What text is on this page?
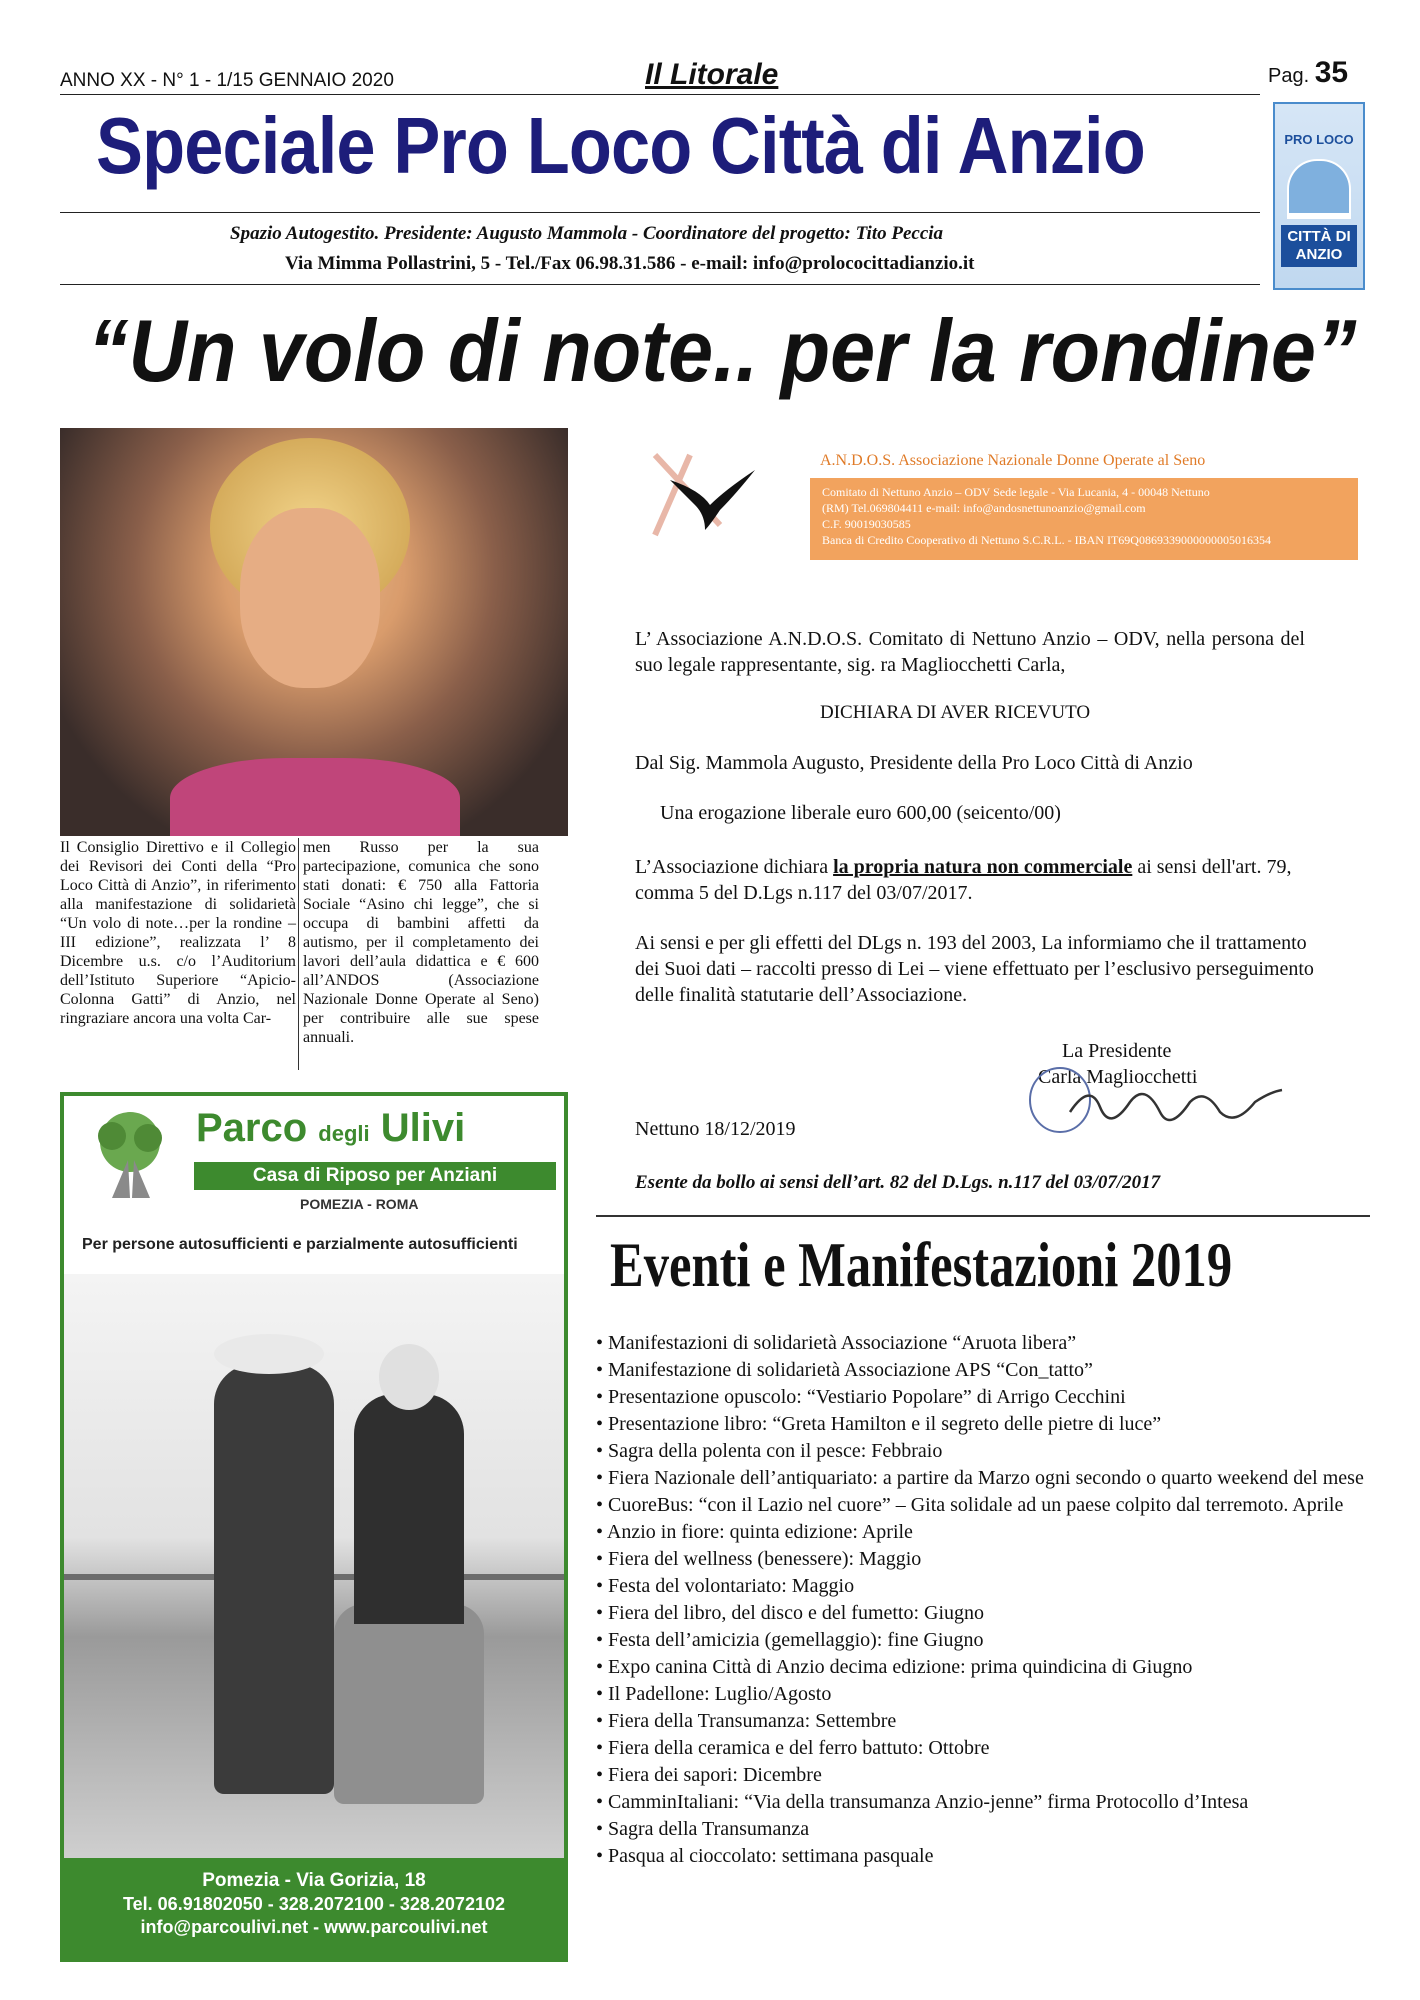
ANNO XX - N° 1 - 1/15 GENNAIO 2020	Il Litorale	Pag. 35
Speciale Pro Loco Città di Anzio
Spazio Autogestito. Presidente: Augusto Mammola - Coordinatore del progetto: Tito Peccia
Via Mimma Pollastrini, 5 - Tel./Fax 06.98.31.586 - e-mail: info@prolococittadianzio.it
PRO LOCO
CITTÀ DI ANZIO
“Un volo di note.. per la rondine”
Il Consiglio Direttivo e il Collegio dei Revisori dei Conti della “Pro Loco Città di Anzio”, in riferimento alla manifestazione di solidarietà “Un volo di note…per la rondine – III edizione”, realizzata l’ 8 Dicembre u.s. c/o l’Auditorium dell’Istituto Superiore “Apicio-Colonna Gatti” di Anzio, nel ringraziare ancora una volta Car-
men Russo per la sua partecipazione, comunica che sono stati donati: € 750 alla Fattoria Sociale “Asino chi legge”, che si occupa di bambini affetti da autismo, per il completamento dei lavori dell’aula didattica e € 600 all’ANDOS (Associazione Nazionale Donne Operate al Seno) per contribuire alle sue spese annuali.
A.N.D.O.S. Associazione Nazionale Donne Operate al Seno
Comitato di Nettuno Anzio – ODV Sede legale - Via Lucania, 4 - 00048 Nettuno
(RM) Tel.069804411 e-mail: info@andosnettunoanzio@gmail.com
C.F. 90019030585
Banca di Credito Cooperativo di Nettuno S.C.R.L. - IBAN IT69Q0869339000000005016354
L’ Associazione A.N.D.O.S. Comitato di Nettuno Anzio – ODV, nella persona del suo legale rappresentante, sig. ra Magliocchetti Carla,
DICHIARA DI AVER RICEVUTO
Dal Sig. Mammola Augusto, Presidente della Pro Loco Città di Anzio
Una erogazione liberale euro 600,00 (seicento/00)
L’Associazione dichiara la propria natura non commerciale ai sensi dell'art. 79, comma 5 del D.Lgs n.117 del 03/07/2017.
Ai sensi e per gli effetti del DLgs n. 193 del 2003, La informiamo che il trattamento dei Suoi dati – raccolti presso di Lei – viene effettuato per l’esclusivo perseguimento delle finalità statutarie dell’Associazione.
La Presidente
Carla Magliocchetti
Nettuno 18/12/2019
Esente da bollo ai sensi dell’art. 82 del D.Lgs. n.117 del 03/07/2017
Parco degli Ulivi
Casa di Riposo per Anziani
POMEZIA - ROMA
Per persone autosufficienti e parzialmente autosufficienti
Pomezia - Via Gorizia, 18
Tel. 06.91802050 - 328.2072100 - 328.2072102
info@parcoulivi.net - www.parcoulivi.net
Eventi e Manifestazioni 2019
• Manifestazioni di solidarietà Associazione “Aruota libera”
• Manifestazione di solidarietà Associazione APS “Con_tatto”
• Presentazione opuscolo: “Vestiario Popolare” di Arrigo Cecchini
• Presentazione libro: “Greta Hamilton e il segreto delle pietre di luce”
• Sagra della polenta con il pesce: Febbraio
• Fiera Nazionale dell’antiquariato: a partire da Marzo ogni secondo o quarto weekend del mese
• CuoreBus: “con il Lazio nel cuore” – Gita solidale ad un paese colpito dal terremoto. Aprile
• Anzio in fiore: quinta edizione: Aprile
• Fiera del wellness (benessere): Maggio
• Festa del volontariato: Maggio
• Fiera del libro, del disco e del fumetto: Giugno
• Festa dell’amicizia (gemellaggio): fine Giugno
• Expo canina Città di Anzio decima edizione: prima quindicina di Giugno
• Il Padellone: Luglio/Agosto
• Fiera della Transumanza: Settembre
• Fiera della ceramica e del ferro battuto: Ottobre
• Fiera dei sapori: Dicembre
• CamminItaliani: “Via della transumanza Anzio-jenne” firma Protocollo d’Intesa
• Sagra della Transumanza
• Pasqua al cioccolato: settimana pasquale
